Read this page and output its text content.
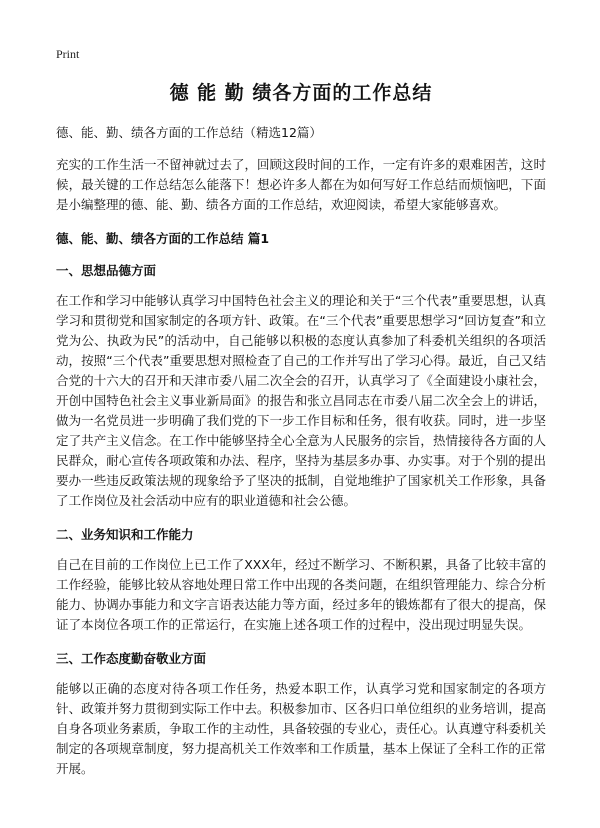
Print
德 能 勤 绩各方面的工作总结
德、能、勤、绩各方面的工作总结（精选12篇）

充实的工作生活一不留神就过去了，回顾这段时间的工作，一定有许多的艰难困苦，这时候，最关键的工作总结怎么能落下！想必许多人都在为如何写好工作总结而烦恼吧，下面是小编整理的德、能、勤、绩各方面的工作总结，欢迎阅读，希望大家能够喜欢。

德、能、勤、绩各方面的工作总结 篇1
一、思想品德方面

在工作和学习中能够认真学习中国特色社会主义的理论和关于“三个代表”重要思想，认真学习和贯彻党和国家制定的各项方针、政策。在“三个代表”重要思想学习“回访复查”和立党为公、执政为民”的活动中，自己能够以积极的态度认真参加了科委机关组织的各项活动，按照“三个代表”重要思想对照检查了自己的工作并写出了学习心得。最近，自己又结合党的十六大的召开和天津市委八届二次全会的召开，认真学习了《全面建设小康社会，开创中国特色社会主义事业新局面》的报告和张立昌同志在市委八届二次全会上的讲话，做为一名党员进一步明确了我们党的下一步工作目标和任务，很有收获。同时，进一步坚定了共产主义信念。在工作中能够坚持全心全意为人民服务的宗旨，热情接待各方面的人民群众，耐心宣传各项政策和办法、程序，坚持为基层多办事、办实事。对于个别的提出要办一些违反政策法规的现象给予了坚决的抵制，自觉地维护了国家机关工作形象，具备了工作岗位及社会活动中应有的职业道德和社会公德。

二、业务知识和工作能力

自己在目前的工作岗位上已工作了XXX年，经过不断学习、不断积累，具备了比较丰富的工作经验，能够比较从容地处理日常工作中出现的各类问题，在组织管理能力、综合分析能力、协调办事能力和文字言语表达能力等方面，经过多年的锻炼都有了很大的提高，保证了本岗位各项工作的正常运行，在实施上述各项工作的过程中，没出现过明显失误。

三、工作态度勤奋敬业方面

能够以正确的态度对待各项工作任务，热爱本职工作，认真学习党和国家制定的各项方针、政策并努力贯彻到实际工作中去。积极参加市、区各归口单位组织的业务培训，提高自身各项业务素质，争取工作的主动性，具备较强的专业心，责任心。认真遵守科委机关制定的各项规章制度，努力提高机关工作效率和工作质量，基本上保证了全科工作的正常开展。
